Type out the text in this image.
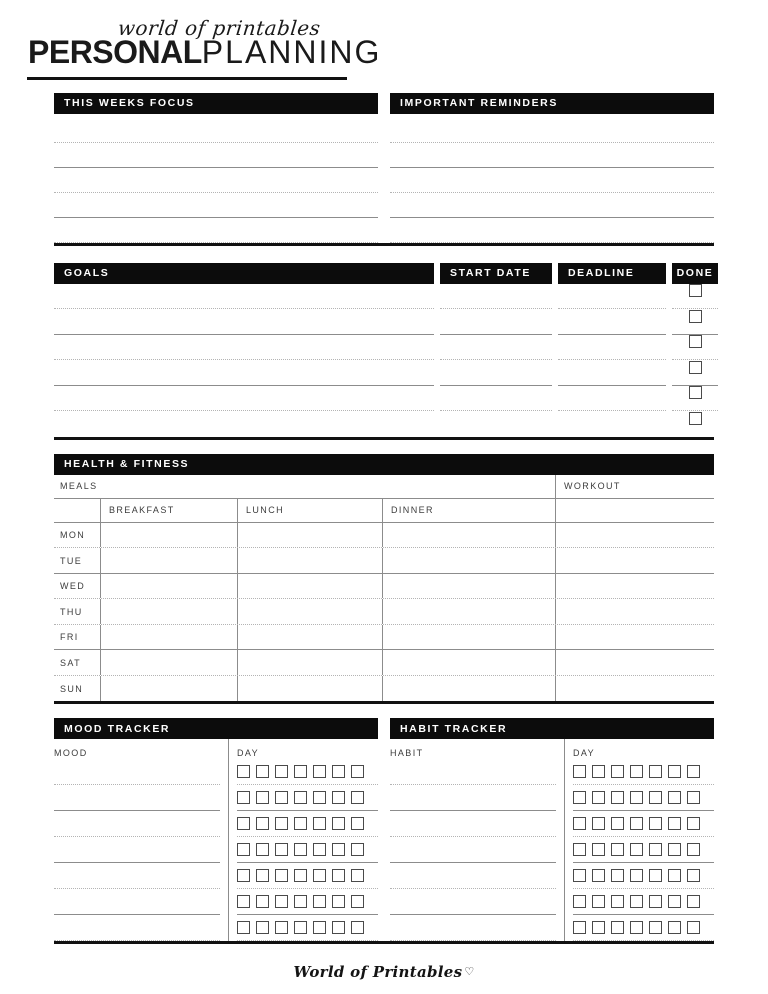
world of printables
PERSONALPLANNING
THIS WEEKS FOCUS	IMPORTANT REMINDERS
GOALS	START DATE	DEADLINE	DONE
HEALTH & FITNESS
MEALS	WORKOUT
BREAKFAST	LUNCH	DINNER
MON
TUE
WED
THU
FRI
SAT
SUN
MOOD TRACKER
MOOD	DAY
HABIT TRACKER
HABIT	DAY
World of Printables ♡
